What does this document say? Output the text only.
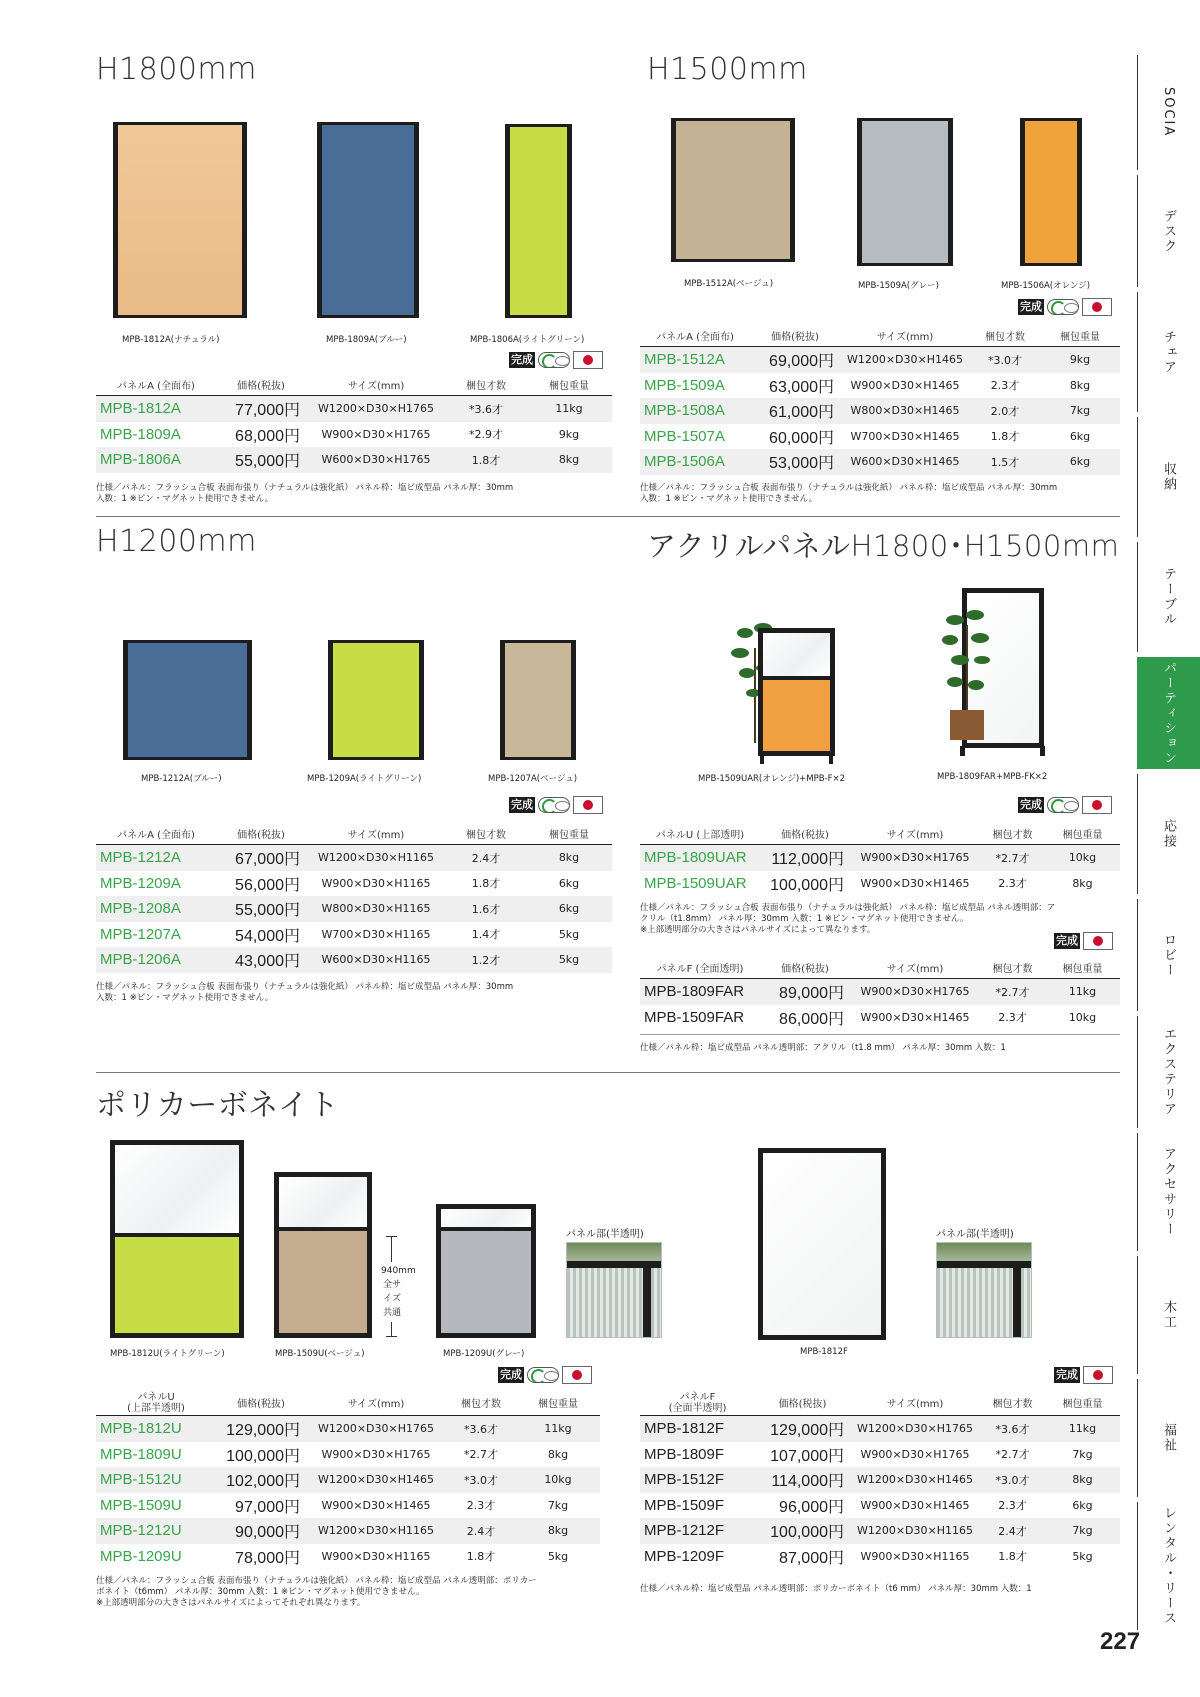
H1800mm
MPB-1812A(ナチュラル)	MPB-1809A(ブルー)	MPB-1806A(ライトグリーン)
完成
パネルA (全面布)	価格(税抜)	サイズ(mm)	梱包才数	梱包重量
MPB-1812A	77,000円	W1200×D30×H1765	*3.6才	11kg
MPB-1809A	68,000円	W900×D30×H1765	*2.9才	9kg
MPB-1806A	55,000円	W600×D30×H1765	1.8才	8kg
仕様／パネル：フラッシュ合板 表面布張り（ナチュラルは強化紙） パネル枠：塩ビ成型品 パネル厚：30mm
入数：1 ※ピン・マグネット使用できません。
H1500mm
MPB-1512A(ベージュ)	MPB-1509A(グレー)	MPB-1506A(オレンジ)
完成
パネルA (全面布)	価格(税抜)	サイズ(mm)	梱包才数	梱包重量
MPB-1512A	69,000円	W1200×D30×H1465	*3.0才	9kg
MPB-1509A	63,000円	W900×D30×H1465	2.3才	8kg
MPB-1508A	61,000円	W800×D30×H1465	2.0才	7kg
MPB-1507A	60,000円	W700×D30×H1465	1.8才	6kg
MPB-1506A	53,000円	W600×D30×H1465	1.5才	6kg
仕様／パネル：フラッシュ合板 表面布張り（ナチュラルは強化紙） パネル枠：塩ビ成型品 パネル厚：30mm
入数：1 ※ピン・マグネット使用できません。
H1200mm
MPB-1212A(ブルー)	MPB-1209A(ライトグリーン)	MPB-1207A(ベージュ)
完成
パネルA (全面布)	価格(税抜)	サイズ(mm)	梱包才数	梱包重量
MPB-1212A	67,000円	W1200×D30×H1165	2.4才	8kg
MPB-1209A	56,000円	W900×D30×H1165	1.8才	6kg
MPB-1208A	55,000円	W800×D30×H1165	1.6才	6kg
MPB-1207A	54,000円	W700×D30×H1165	1.4才	5kg
MPB-1206A	43,000円	W600×D30×H1165	1.2才	5kg
仕様／パネル：フラッシュ合板 表面布張り（ナチュラルは強化紙） パネル枠：塩ビ成型品 パネル厚：30mm
入数：1 ※ピン・マグネット使用できません。
アクリルパネルH1800･H1500mm
MPB-1509UAR(オレンジ)+MPB-F×2	MPB-1809FAR+MPB-FK×2
完成
パネルU (上部透明)	価格(税抜)	サイズ(mm)	梱包才数	梱包重量
MPB-1809UAR	112,000円	W900×D30×H1765	*2.7才	10kg
MPB-1509UAR	100,000円	W900×D30×H1465	2.3才	8kg
仕様／パネル：フラッシュ合板 表面布張り（ナチュラルは強化紙） パネル枠：塩ビ成型品 パネル透明部：ア
クリル（t1.8mm） パネル厚：30mm 入数：1 ※ピン・マグネット使用できません。
※上部透明部分の大きさはパネルサイズによって異なります。
完成
パネルF (全面透明)	価格(税抜)	サイズ(mm)	梱包才数	梱包重量
MPB-1809FAR	89,000円	W900×D30×H1765	*2.7才	11kg
MPB-1509FAR	86,000円	W900×D30×H1465	2.3才	10kg
仕様／パネル枠：塩ビ成型品 パネル透明部：アクリル（t1.8 mm） パネル厚：30mm 入数：1
ポリカーボネイト
940mm
全サイズ
共通
パネル部(半透明)	パネル部(半透明)
MPB-1812U(ライトグリーン)	MPB-1509U(ベージュ)	MPB-1209U(グレー)	MPB-1812F
完成	完成
パネルU
(上部半透明)	価格(税抜)	サイズ(mm)	梱包才数	梱包重量
MPB-1812U	129,000円	W1200×D30×H1765	*3.6才	11kg
MPB-1809U	100,000円	W900×D30×H1765	*2.7才	8kg
MPB-1512U	102,000円	W1200×D30×H1465	*3.0才	10kg
MPB-1509U	97,000円	W900×D30×H1465	2.3才	7kg
MPB-1212U	90,000円	W1200×D30×H1165	2.4才	8kg
MPB-1209U	78,000円	W900×D30×H1165	1.8才	5kg
仕様／パネル：フラッシュ合板 表面布張り（ナチュラルは強化紙） パネル枠：塩ビ成型品 パネル透明部：ポリカー
ボネイト（t6mm） パネル厚：30mm 入数：1 ※ピン・マグネット使用できません。
※上部透明部分の大きさはパネルサイズによってそれぞれ異なります。
パネルF
(全面半透明)	価格(税抜)	サイズ(mm)	梱包才数	梱包重量
MPB-1812F	129,000円	W1200×D30×H1765	*3.6才	11kg
MPB-1809F	107,000円	W900×D30×H1765	*2.7才	7kg
MPB-1512F	114,000円	W1200×D30×H1465	*3.0才	8kg
MPB-1509F	96,000円	W900×D30×H1465	2.3才	6kg
MPB-1212F	100,000円	W1200×D30×H1165	2.4才	7kg
MPB-1209F	87,000円	W900×D30×H1165	1.8才	5kg
仕様／パネル枠：塩ビ成型品 パネル透明部：ポリカーボネイト（t6 mm） パネル厚：30mm 入数：1
SOCIA
デスク
チェア
収納
テーブル
パーティション
応接
ロビー
エクステリア
アクセサリー
木工
福祉
レンタル・リース
227
